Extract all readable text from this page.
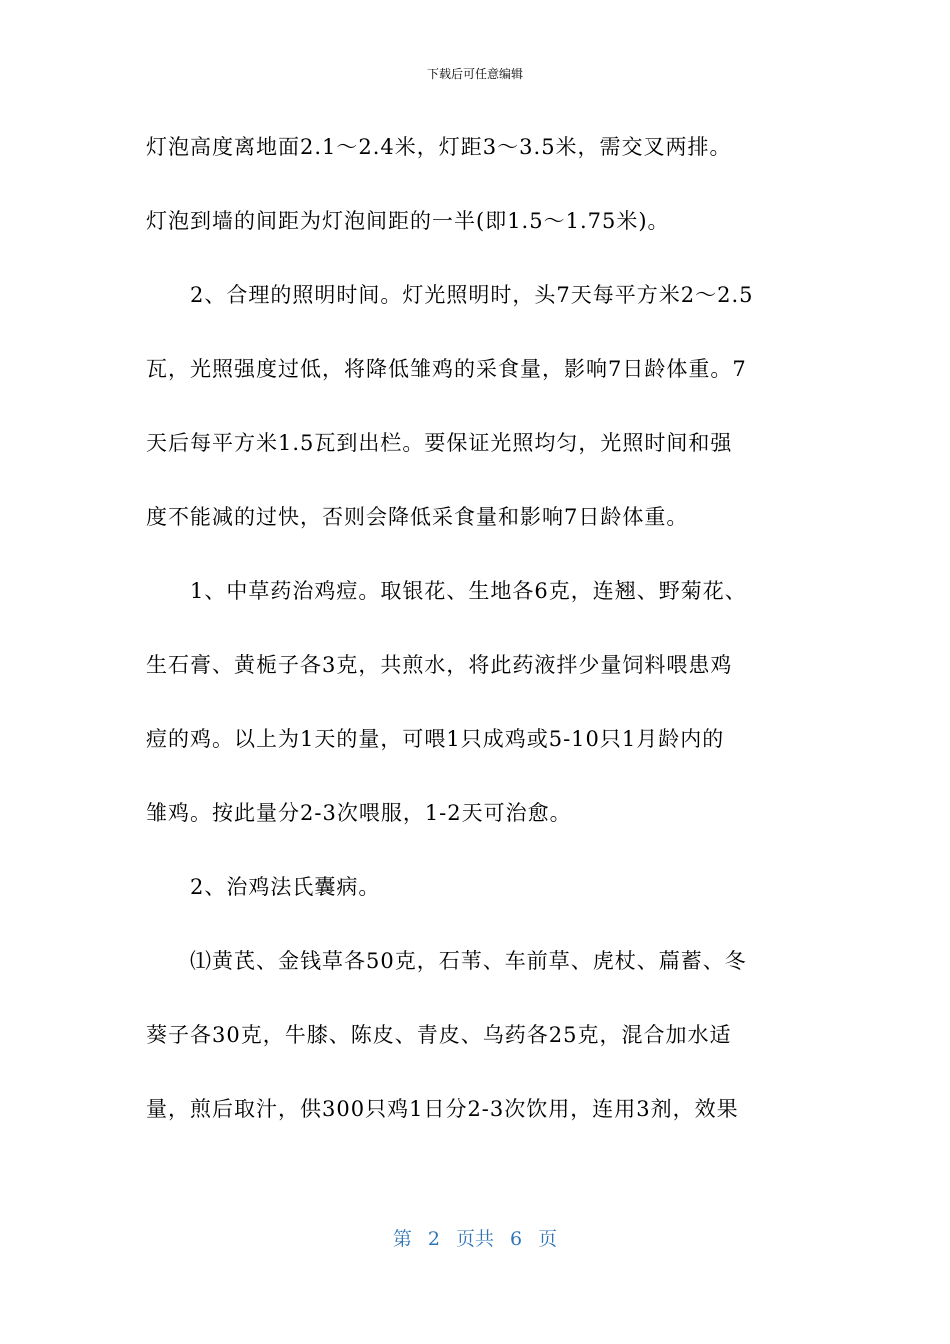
下载后可任意编辑
灯泡高度离地面2.1～2.4米，灯距3～3.5米，需交叉两排。
灯泡到墙的间距为灯泡间距的一半(即1.5～1.75米)。
2、合理的照明时间。灯光照明时，头7天每平方米2～2.5
瓦，光照强度过低，将降低雏鸡的采食量，影响7日龄体重。7
天后每平方米1.5瓦到出栏。要保证光照均匀，光照时间和强
度不能减的过快，否则会降低采食量和影响7日龄体重。
1、中草药治鸡痘。取银花、生地各6克，连翘、野菊花、
生石膏、黄栀子各3克，共煎水，将此药液拌少量饲料喂患鸡
痘的鸡。以上为1天的量，可喂1只成鸡或5-10只1月龄内的
雏鸡。按此量分2-3次喂服，1-2天可治愈。
2、治鸡法氏囊病。
⑴黄芪、金钱草各50克，石苇、车前草、虎杖、萹蓄、冬
葵子各30克，牛膝、陈皮、青皮、乌药各25克，混合加水适
量，煎后取汁，供300只鸡1日分2-3次饮用，连用3剂，效果
第 2 页共 6 页
